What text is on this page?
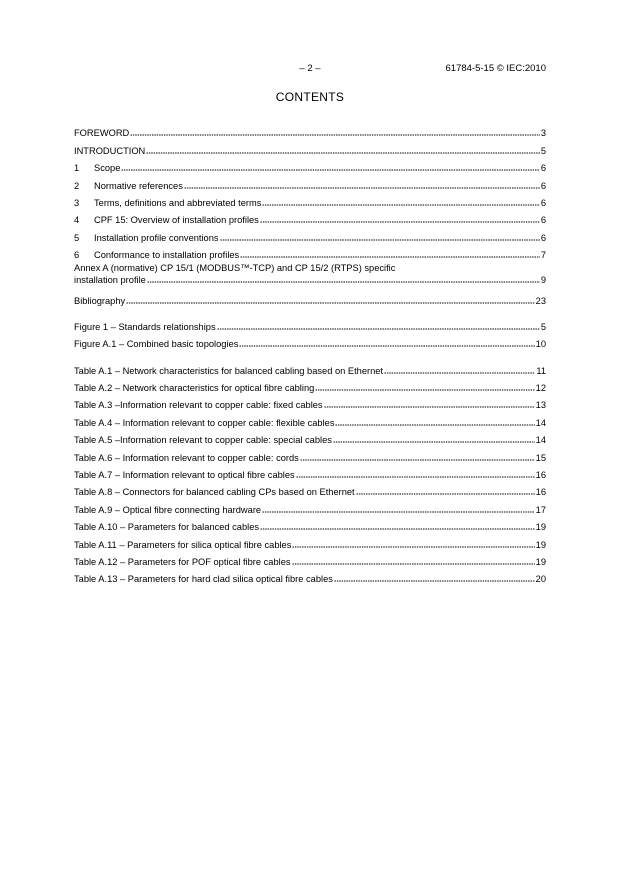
– 2 –	61784-5-15 © IEC:2010
CONTENTS
FOREWORD	3
INTRODUCTION	5
1	Scope	6
2	Normative references	6
3	Terms, definitions and abbreviated terms	6
4	CPF 15: Overview of installation profiles	6
5	Installation profile conventions	6
6	Conformance to installation profiles	7
Annex A (normative) CP 15/1 (MODBUS™-TCP) and CP 15/2 (RTPS) specific
installation profile	9
Bibliography	23
Figure 1 – Standards relationships	5
Figure A.1 – Combined basic topologies	10
Table A.1 – Network characteristics for balanced cabling based on Ethernet	11
Table A.2 – Network characteristics for optical fibre cabling	12
Table A.3 –Information relevant to copper cable: fixed cables	13
Table A.4 – Information relevant to copper cable: flexible cables	14
Table A.5 –Information relevant to copper cable: special cables	14
Table A.6 – Information relevant to copper cable: cords	15
Table A.7 – Information relevant to optical fibre cables	16
Table A.8 – Connectors for balanced cabling CPs based on Ethernet	16
Table A.9 – Optical fibre connecting hardware	17
Table A.10 – Parameters for balanced cables	19
Table A.11 – Parameters for silica optical fibre cables	19
Table A.12 – Parameters for POF optical fibre cables	19
Table A.13 – Parameters for hard clad silica optical fibre cables	20
